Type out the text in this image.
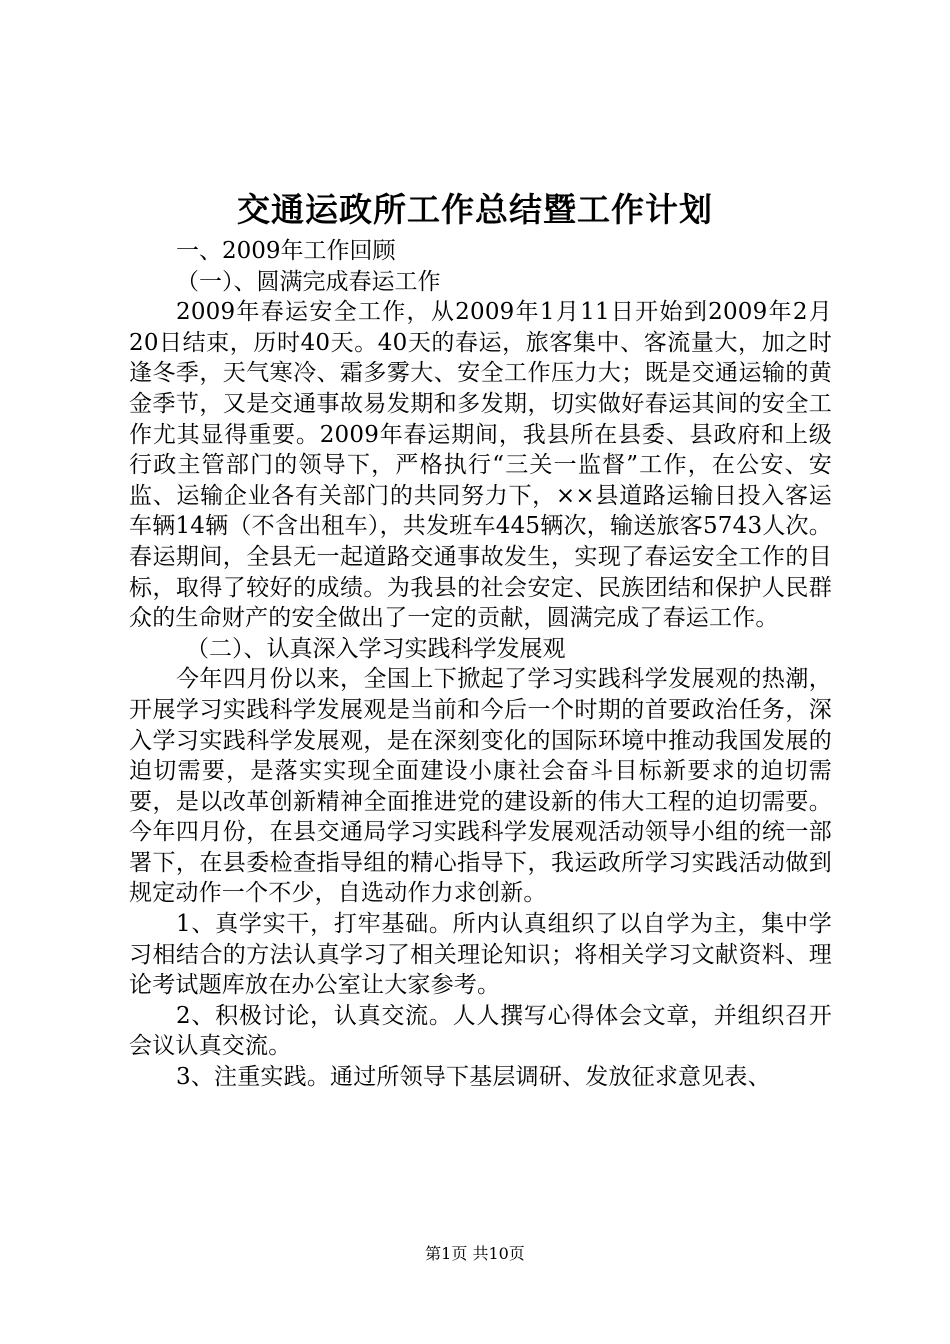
交通运政所工作总结暨工作计划

一、2009年工作回顾

（一）、圆满完成春运工作

2009年春运安全工作，从2009年1月11日开始到2009年2月20日结束，历时40天。40天的春运，旅客集中、客流量大，加之时逢冬季，天气寒冷、霜多雾大、安全工作压力大；既是交通运输的黄金季节，又是交通事故易发期和多发期，切实做好春运其间的安全工作尤其显得重要。2009年春运期间，我县所在县委、县政府和上级行政主管部门的领导下，严格执行“三关一监督”工作，在公安、安监、运输企业各有关部门的共同努力下，××县道路运输日投入客运车辆14辆（不含出租车），共发班车445辆次，输送旅客5743人次。春运期间，全县无一起道路交通事故发生，实现了春运安全工作的目标，取得了较好的成绩。为我县的社会安定、民族团结和保护人民群众的生命财产的安全做出了一定的贡献，圆满完成了春运工作。

（二）、认真深入学习实践科学发展观

今年四月份以来，全国上下掀起了学习实践科学发展观的热潮，开展学习实践科学发展观是当前和今后一个时期的首要政治任务，深入学习实践科学发展观，是在深刻变化的国际环境中推动我国发展的迫切需要，是落实实现全面建设小康社会奋斗目标新要求的迫切需要，是以改革创新精神全面推进党的建设新的伟大工程的迫切需要。今年四月份，在县交通局学习实践科学发展观活动领导小组的统一部署下，在县委检查指导组的精心指导下，我运政所学习实践活动做到规定动作一个不少，自选动作力求创新。

1、真学实干，打牢基础。所内认真组织了以自学为主，集中学习相结合的方法认真学习了相关理论知识；将相关学习文献资料、理论考试题库放在办公室让大家参考。

2、积极讨论，认真交流。人人撰写心得体会文章，并组织召开会议认真交流。

3、注重实践。通过所领导下基层调研、发放征求意见表、

第1页 共10页
